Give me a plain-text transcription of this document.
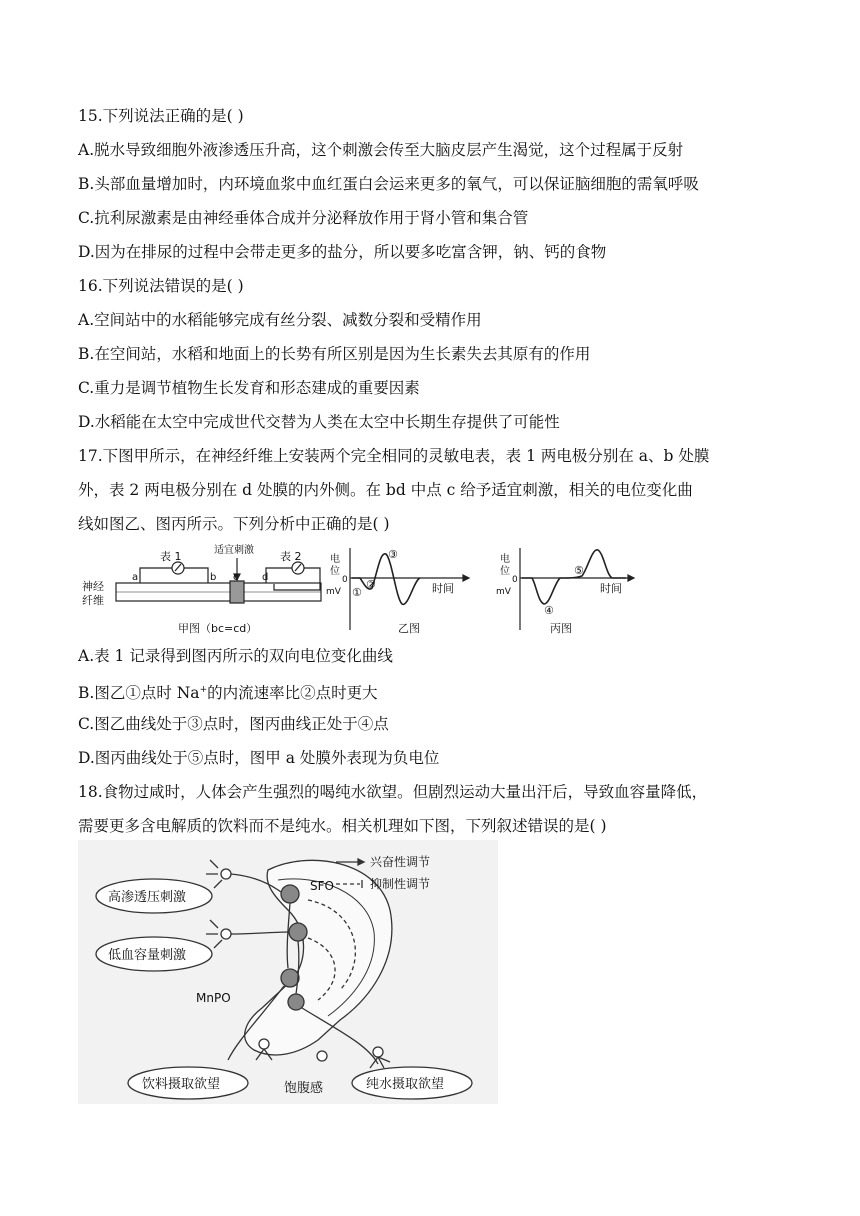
15.下列说法正确的是( )
A.脱水导致细胞外液渗透压升高，这个刺激会传至大脑皮层产生渴觉，这个过程属于反射
B.头部血量增加时，内环境血浆中血红蛋白会运来更多的氧气，可以保证脑细胞的需氧呼吸
C.抗利尿激素是由神经垂体合成并分泌释放作用于肾小管和集合管
D.因为在排尿的过程中会带走更多的盐分，所以要多吃富含钾，钠、钙的食物
16.下列说法错误的是( )
A.空间站中的水稻能够完成有丝分裂、减数分裂和受精作用
B.在空间站，水稻和地面上的长势有所区别是因为生长素失去其原有的作用
C.重力是调节植物生长发育和形态建成的重要因素
D.水稻能在太空中完成世代交替为人类在太空中长期生存提供了可能性
17.下图甲所示，在神经纤维上安装两个完全相同的灵敏电表，表 1 两电极分别在 a、b 处膜
外，表 2 两电极分别在 d 处膜的内外侧。在 bd 中点 c 给予适宜刺激，相关的电位变化曲
线如图乙、图丙所示。下列分析中正确的是( )
表 1	表 2
适宜刺激
神经
纤维
a	b c d
甲图（bc=cd）
电
位
mV
0
时间
乙图
①
②
③	电
位
mV
0
时间
丙图
④
⑤
A.表 1 记录得到图丙所示的双向电位变化曲线
B.图乙①点时 Na+的内流速率比②点时更大
C.图乙曲线处于③点时，图丙曲线正处于④点
D.图丙曲线处于⑤点时，图甲 a 处膜外表现为负电位
18.食物过咸时，人体会产生强烈的喝纯水欲望。但剧烈运动大量出汗后，导致血容量降低，
需要更多含电解质的饮料而不是纯水。相关机理如下图，下列叙述错误的是( )
高渗透压刺激
低血容量刺激
饮料摄取欲望	纯水摄取欲望
饱腹感
SFO
MnPO
兴奋性调节
抑制性调节
